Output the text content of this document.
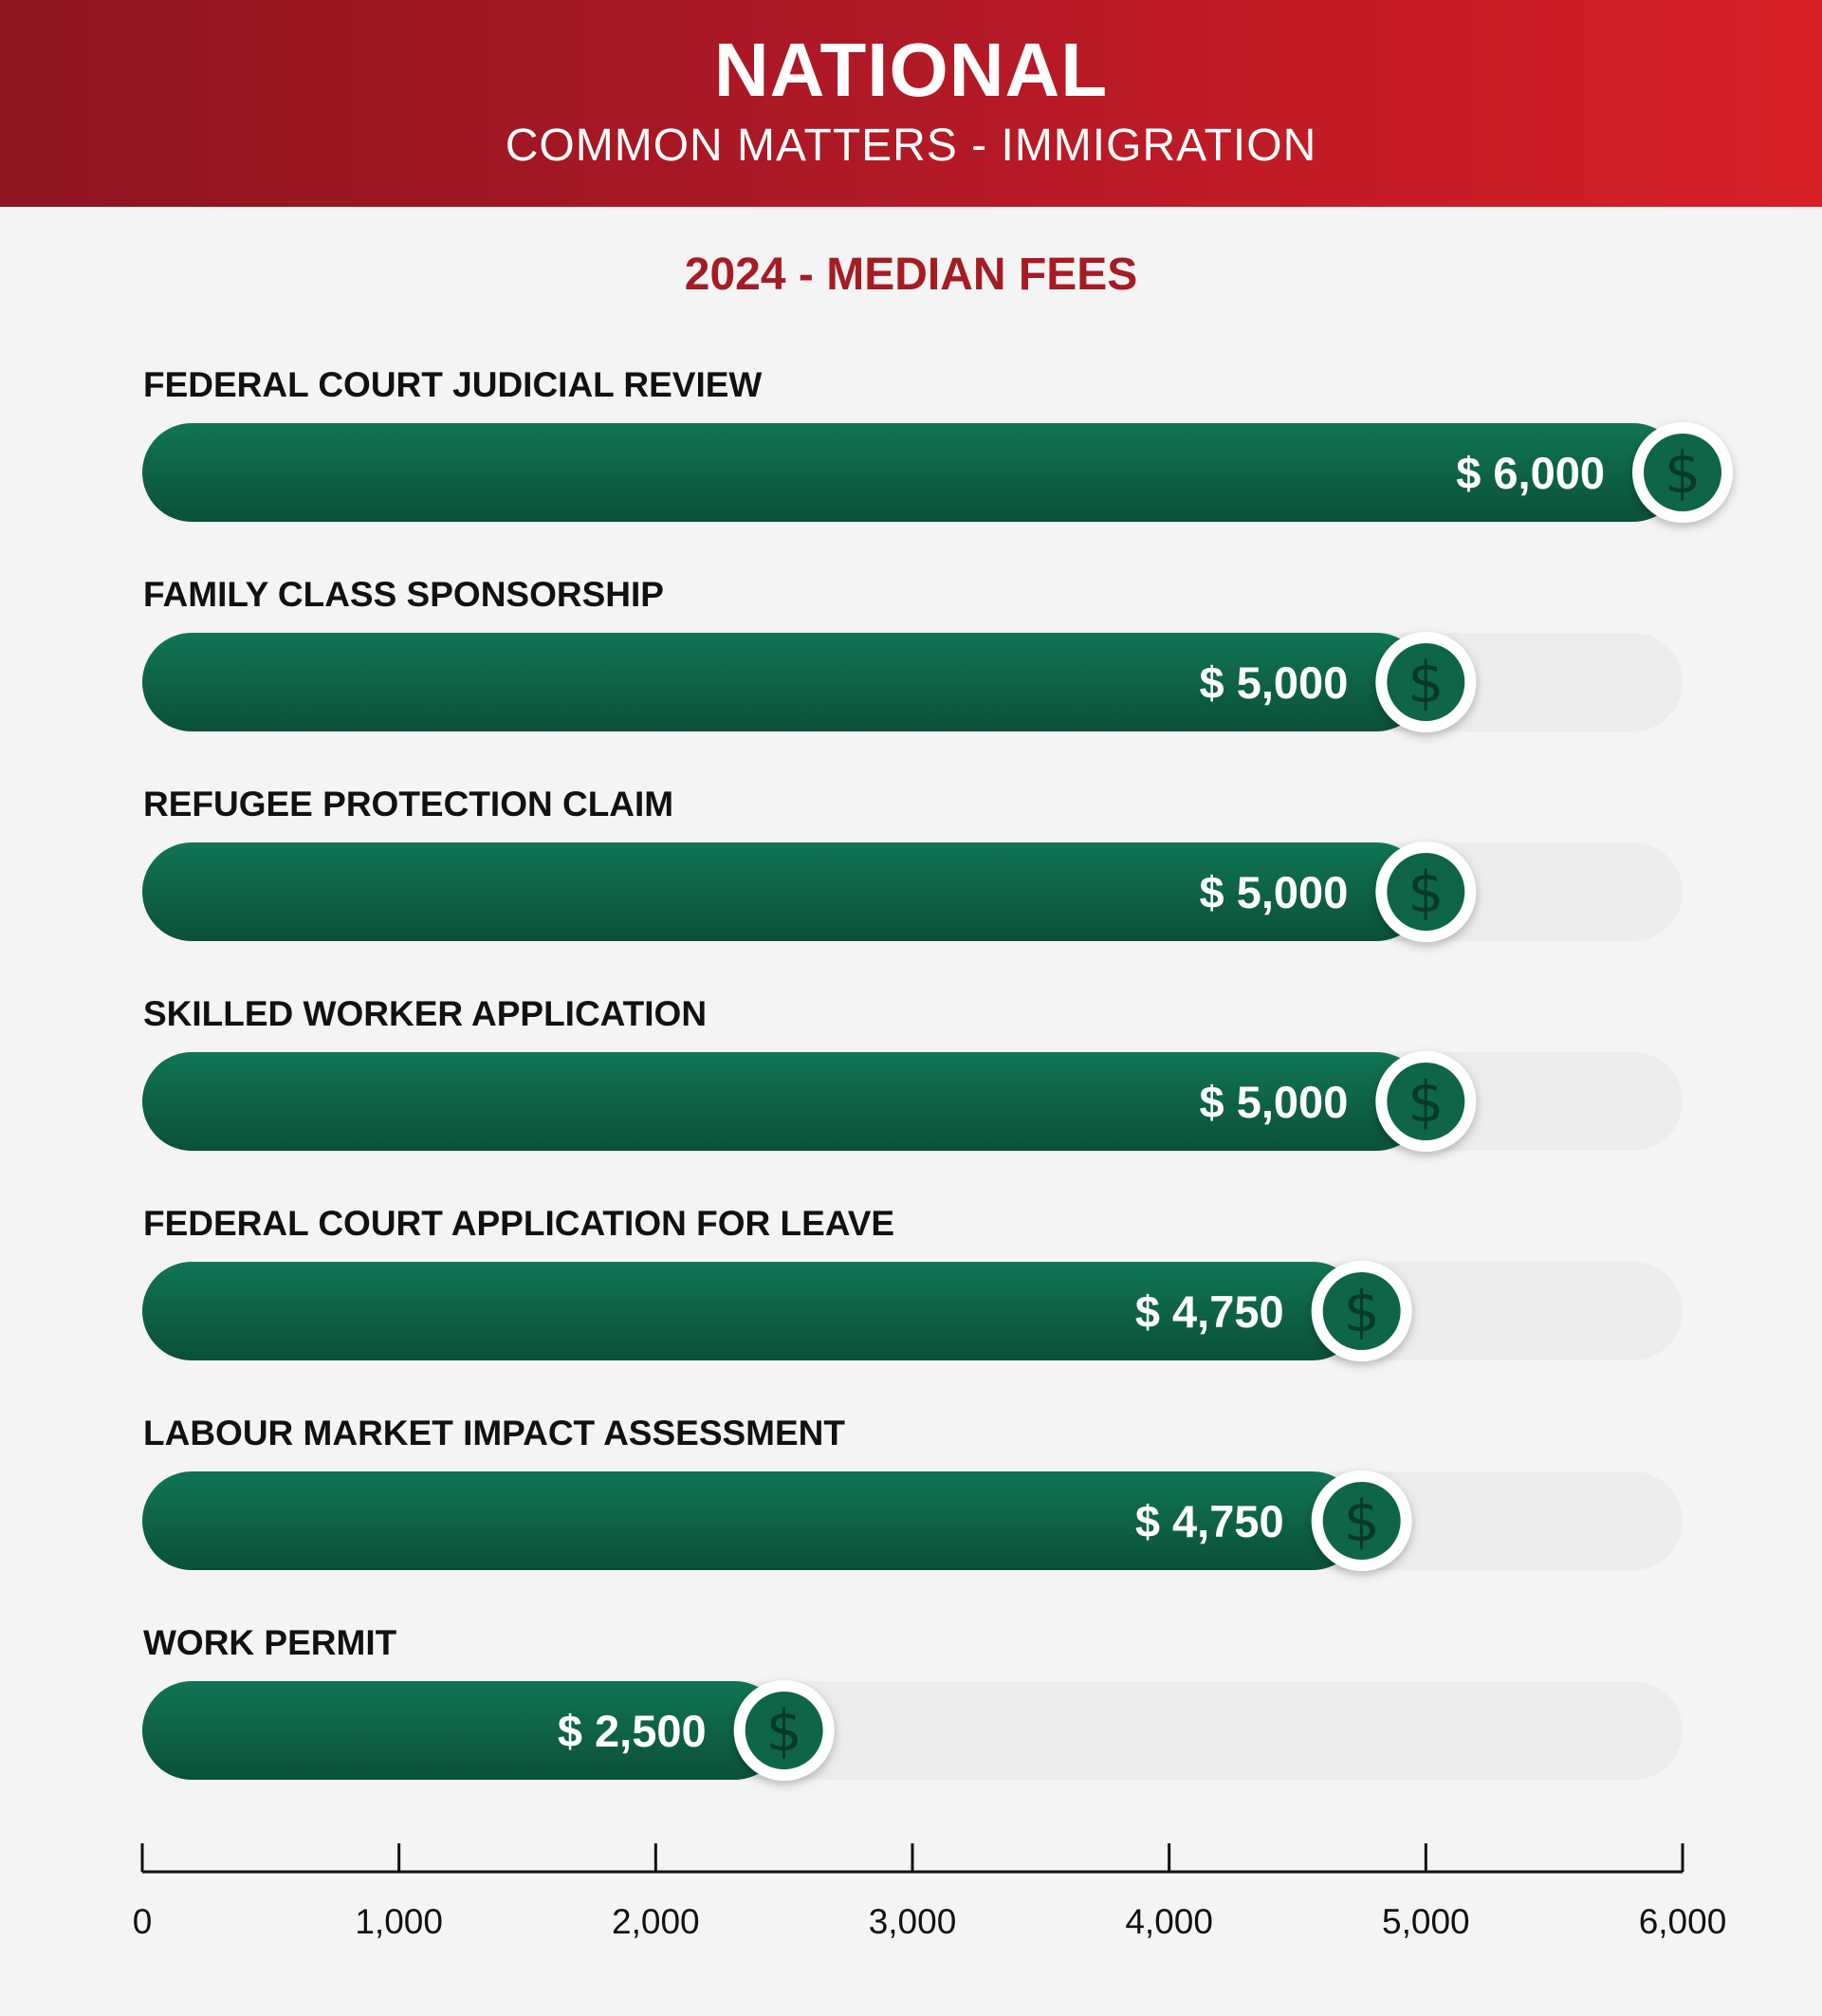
NATIONAL
COMMON MATTERS - IMMIGRATION
2024 - MEDIAN FEES
FEDERAL COURT JUDICIAL REVIEW
$
$ 6,000
FAMILY CLASS SPONSORSHIP
$
$ 5,000
REFUGEE PROTECTION CLAIM
$
$ 5,000
SKILLED WORKER APPLICATION
$
$ 5,000
FEDERAL COURT APPLICATION FOR LEAVE
$
$ 4,750
LABOUR MARKET IMPACT ASSESSMENT
$
$ 4,750
WORK PERMIT
$
$ 2,500
0	1,000	2,000	3,000	4,000	5,000	6,000
